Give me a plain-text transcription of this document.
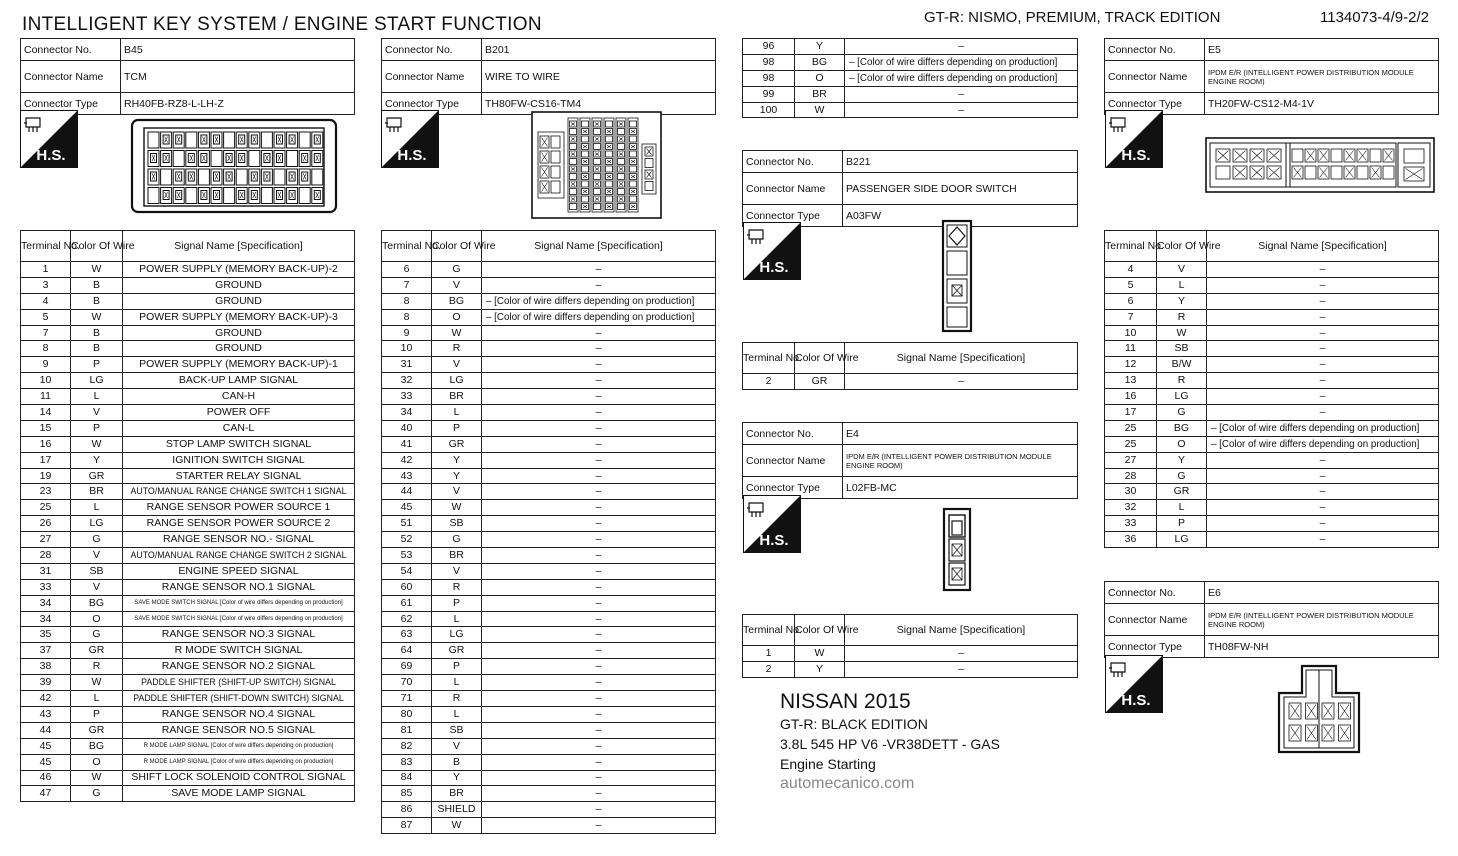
INTELLIGENT KEY SYSTEM / ENGINE START FUNCTION	GT-R: NISMO, PREMIUM, TRACK EDITION	1134073-4/9-2/2
Connector No.	B45
Connector Name	TCM
Connector Type	RH40FB-RZ8-L-LH-Z
Connector No.	B201
Connector Name	WIRE TO WIRE
Connector Type	TH80FW-CS16-TM4
Connector No.	B221
Connector Name	PASSENGER SIDE DOOR SWITCH
Connector Type	A03FW
Connector No.	E4
Connector Name	IPDM E/R (INTELLIGENT POWER DISTRIBUTION MODULE ENGINE ROOM)
Connector Type	L02FB-MC
Connector No.	E5
Connector Name	IPDM E/R (INTELLIGENT POWER DISTRIBUTION MODULE ENGINE ROOM)
Connector Type	TH20FW-CS12-M4-1V
Connector No.	E6
Connector Name	IPDM E/R (INTELLIGENT POWER DISTRIBUTION MODULE ENGINE ROOM)
Connector Type	TH08FW-NH
H.S.	H.S.
H.S.
H.S.
H.S.
H.S.
Terminal No.	Color Of Wire	Signal Name [Specification]
1	W	POWER SUPPLY (MEMORY BACK-UP)-2
3	B	GROUND
4	B	GROUND
5	W	POWER SUPPLY (MEMORY BACK-UP)-3
7	B	GROUND
8	B	GROUND
9	P	POWER SUPPLY (MEMORY BACK-UP)-1
10	LG	BACK-UP LAMP SIGNAL
11	L	CAN-H
14	V	POWER OFF
15	P	CAN-L
16	W	STOP LAMP SWITCH SIGNAL
17	Y	IGNITION SWITCH SIGNAL
19	GR	STARTER RELAY SIGNAL
23	BR	AUTO/MANUAL RANGE CHANGE SWITCH 1 SIGNAL
25	L	RANGE SENSOR POWER SOURCE 1
26	LG	RANGE SENSOR POWER SOURCE 2
27	G	RANGE SENSOR NO.- SIGNAL
28	V	AUTO/MANUAL RANGE CHANGE SWITCH 2 SIGNAL
31	SB	ENGINE SPEED SIGNAL
33	V	RANGE SENSOR NO.1 SIGNAL
34	BG	SAVE MODE SWITCH SIGNAL [Color of wire differs depending on production]
34	O	SAVE MODE SWITCH SIGNAL [Color of wire differs depending on production]
35	G	RANGE SENSOR NO.3 SIGNAL
37	GR	R MODE SWITCH SIGNAL
38	R	RANGE SENSOR NO.2 SIGNAL
39	W	PADDLE SHIFTER (SHIFT-UP SWITCH) SIGNAL
42	L	PADDLE SHIFTER (SHIFT-DOWN SWITCH) SIGNAL
43	P	RANGE SENSOR NO.4 SIGNAL
44	GR	RANGE SENSOR NO.5 SIGNAL
45	BG	R MODE LAMP SIGNAL [Color of wire differs depending on production]
45	O	R MODE LAMP SIGNAL [Color of wire differs depending on production]
46	W	SHIFT LOCK SOLENOID CONTROL SIGNAL
47	G	SAVE MODE LAMP SIGNAL
Terminal No.	Color Of Wire	Signal Name [Specification]
6	G	–
7	V	–
8	BG	– [Color of wire differs depending on production]
8	O	– [Color of wire differs depending on production]
9	W	–
10	R	–
31	V	–
32	LG	–
33	BR	–
34	L	–
40	P	–
41	GR	–
42	Y	–
43	Y	–
44	V	–
45	W	–
51	SB	–
52	G	–
53	BR	–
54	V	–
60	R	–
61	P	–
62	L	–
63	LG	–
64	GR	–
69	P	–
70	L	–
71	R	–
80	L	–
81	SB	–
82	V	–
83	B	–
84	Y	–
85	BR	–
86	SHIELD	–
87	W	–
96	Y	–
98	BG	– [Color of wire differs depending on production]
98	O	– [Color of wire differs depending on production]
99	BR	–
100	W	–
Terminal No.	Color Of Wire	Signal Name [Specification]
2	GR	–
Terminal No.	Color Of Wire	Signal Name [Specification]
1	W	–
2	Y	–
Terminal No.	Color Of Wire	Signal Name [Specification]
4	V	–
5	L	–
6	Y	–
7	R	–
10	W	–
11	SB	–
12	B/W	–
13	R	–
16	LG	–
17	G	–
25	BG	– [Color of wire differs depending on production]
25	O	– [Color of wire differs depending on production]
27	Y	–
28	G	–
30	GR	–
32	L	–
33	P	–
36	LG	–
NISSAN 2015
GT-R: BLACK EDITION
3.8L 545 HP V6 -VR38DETT - GAS
Engine Starting
automecanico.com
